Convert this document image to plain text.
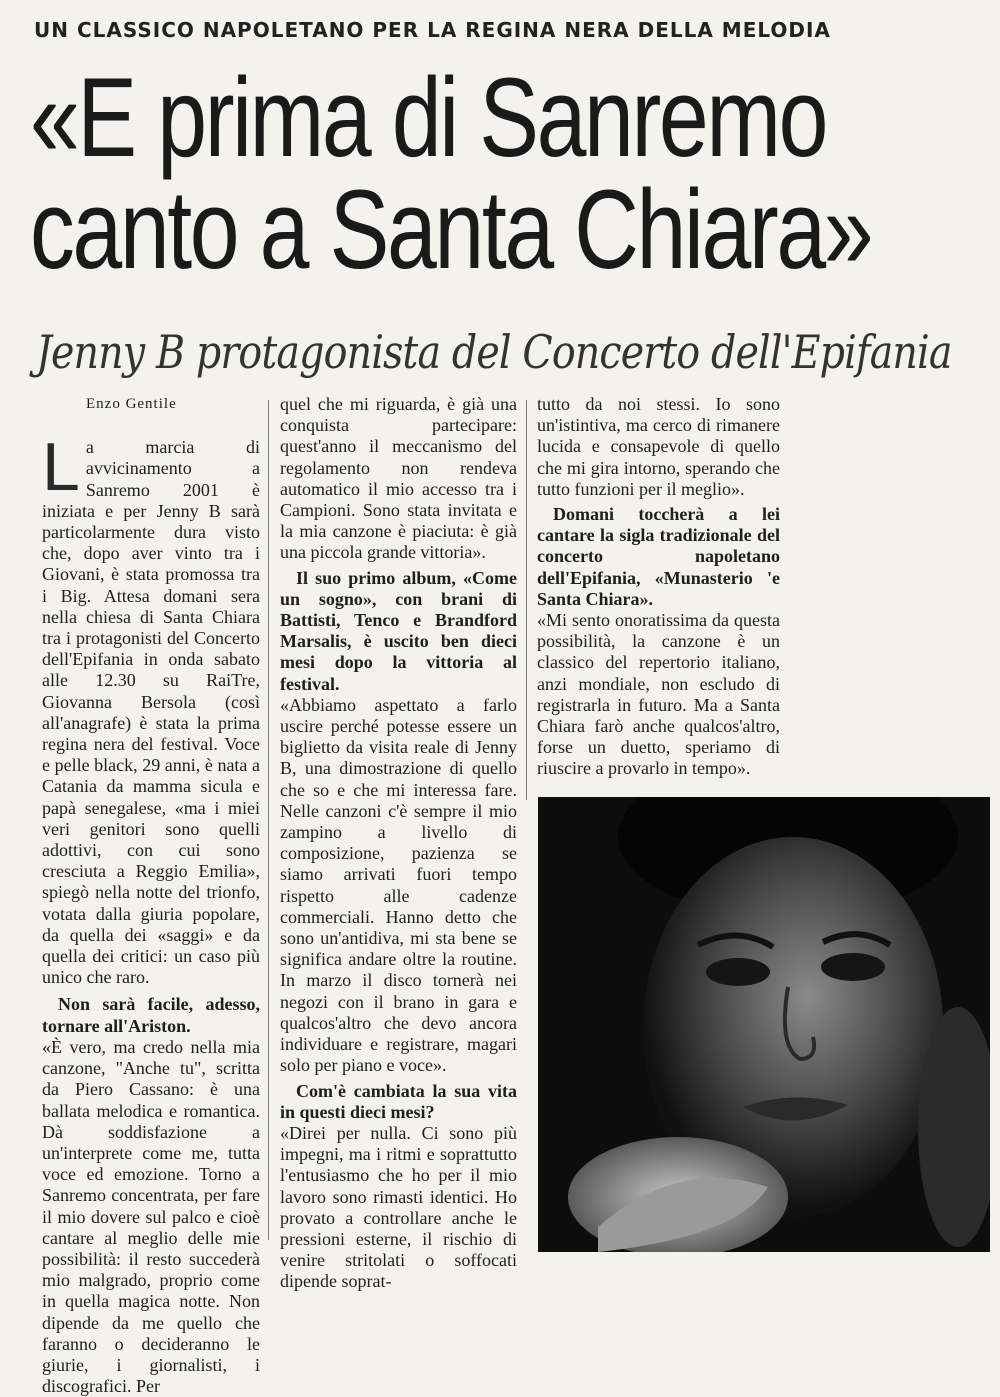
UN CLASSICO NAPOLETANO PER LA REGINA NERA DELLA MELODIA
«E prima di Sanremo
canto a Santa Chiara»
Jenny B protagonista del Concerto dell'Epifania
Enzo Gentile

La marcia di avvicinamento a Sanremo 2001 è iniziata e per Jenny B sarà particolarmente dura visto che, dopo aver vinto tra i Giovani, è stata promossa tra i Big. Attesa domani sera nella chiesa di Santa Chiara tra i protagonisti del Concerto dell'Epifania in onda sabato alle 12.30 su RaiTre, Giovanna Bersola (così all'anagrafe) è stata la prima regina nera del festival. Voce e pelle black, 29 anni, è nata a Catania da mamma sicula e papà senegalese, «ma i miei veri genitori sono quelli adottivi, con cui sono cresciuta a Reggio Emilia», spiegò nella notte del trionfo, votata dalla giuria popolare, da quella dei «saggi» e da quella dei critici: un caso più unico che raro.

Non sarà facile, adesso, tornare all'Ariston.

«È vero, ma credo nella mia canzone, "Anche tu", scritta da Piero Cassano: è una ballata melodica e romantica. Dà soddisfazione a un'interprete come me, tutta voce ed emozione. Torno a Sanremo concentrata, per fare il mio dovere sul palco e cioè cantare al meglio delle mie possibilità: il resto succederà mio malgrado, proprio come in quella magica notte. Non dipende da me quello che faranno o decideranno le giurie, i giornalisti, i discografici. Per

quel che mi riguarda, è già una conquista partecipare: quest'anno il meccanismo del regolamento non rendeva automatico il mio accesso tra i Campioni. Sono stata invitata e la mia canzone è piaciuta: è già una piccola grande vittoria».

Il suo primo album, «Come un sogno», con brani di Battisti, Tenco e Brandford Marsalis, è uscito ben dieci mesi dopo la vittoria al festival.

«Abbiamo aspettato a farlo uscire perché potesse essere un biglietto da visita reale di Jenny B, una dimostrazione di quello che so e che mi interessa fare. Nelle canzoni c'è sempre il mio zampino a livello di composizione, pazienza se siamo arrivati fuori tempo rispetto alle cadenze commerciali. Hanno detto che sono un'antidiva, mi sta bene se significa andare oltre la routine. In marzo il disco tornerà nei negozi con il brano in gara e qualcos'altro che devo ancora individuare e registrare, magari solo per piano e voce».

Com'è cambiata la sua vita in questi dieci mesi?

«Direi per nulla. Ci sono più impegni, ma i ritmi e soprattutto l'entusiasmo che ho per il mio lavoro sono rimasti identici. Ho provato a controllare anche le pressioni esterne, il rischio di venire stritolati o soffocati dipende soprat-

tutto da noi stessi. Io sono un'istintiva, ma cerco di rimanere lucida e consapevole di quello che mi gira intorno, sperando che tutto funzioni per il meglio».

Domani toccherà a lei cantare la sigla tradizionale del concerto napoletano dell'Epifania, «Munasterio 'e Santa Chiara».

«Mi sento onoratissima da questa possibilità, la canzone è un classico del repertorio italiano, anzi mondiale, non escludo di registrarla in futuro. Ma a Santa Chiara farò anche qualcos'altro, forse un duetto, speriamo di riuscire a provarlo in tempo».
